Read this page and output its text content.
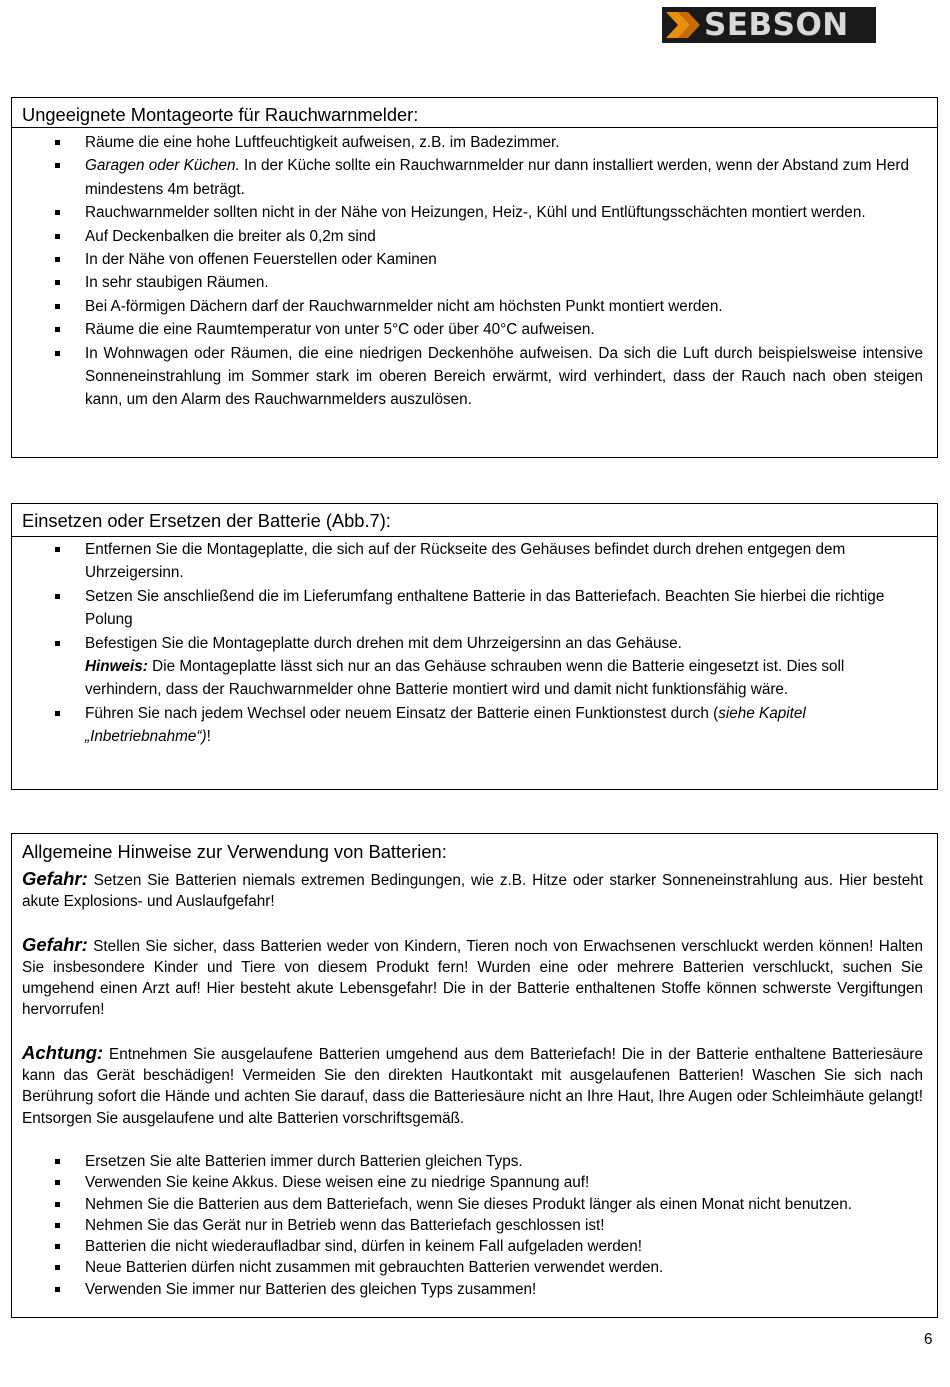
SEBSON
Ungeeignete Montageorte für Rauchwarnmelder:
Räume die eine hohe Luftfeuchtigkeit aufweisen, z.B. im Badezimmer.
Garagen oder Küchen. In der Küche sollte ein Rauchwarnmelder nur dann installiert werden, wenn der Abstand zum Herd mindestens 4m beträgt.
Rauchwarnmelder sollten nicht in der Nähe von Heizungen, Heiz-, Kühl und Entlüftungsschächten montiert werden.
Auf Deckenbalken die breiter als 0,2m sind
In der Nähe von offenen Feuerstellen oder Kaminen
In sehr staubigen Räumen.
Bei A-förmigen Dächern darf der Rauchwarnmelder nicht am höchsten Punkt montiert werden.
Räume die eine Raumtemperatur von unter 5°C oder über 40°C aufweisen.
In Wohnwagen oder Räumen, die eine niedrigen Deckenhöhe aufweisen. Da sich die Luft durch beispielsweise intensive Sonneneinstrahlung im Sommer stark im oberen Bereich erwärmt, wird verhindert, dass der Rauch nach oben steigen kann, um den Alarm des Rauchwarnmelders auszulösen.
Einsetzen oder Ersetzen der Batterie (Abb.7):
Entfernen Sie die Montageplatte, die sich auf der Rückseite des Gehäuses befindet durch drehen entgegen dem Uhrzeigersinn.
Setzen Sie anschließend die im Lieferumfang enthaltene Batterie in das Batteriefach. Beachten Sie hierbei die richtige Polung
Befestigen Sie die Montageplatte durch drehen mit dem Uhrzeigersinn an das Gehäuse.
Hinweis: Die Montageplatte lässt sich nur an das Gehäuse schrauben wenn die Batterie eingesetzt ist. Dies soll verhindern, dass der Rauchwarnmelder ohne Batterie montiert wird und damit nicht funktionsfähig wäre.
Führen Sie nach jedem Wechsel oder neuem Einsatz der Batterie einen Funktionstest durch (siehe Kapitel „Inbetriebnahme“)!
Allgemeine Hinweise zur Verwendung von Batterien:

Gefahr: Setzen Sie Batterien niemals extremen Bedingungen, wie z.B. Hitze oder starker Sonneneinstrahlung aus. Hier besteht akute Explosions- und Auslaufgefahr!

Gefahr: Stellen Sie sicher, dass Batterien weder von Kindern, Tieren noch von Erwachsenen verschluckt werden können! Halten Sie insbesondere Kinder und Tiere von diesem Produkt fern! Wurden eine oder mehrere Batterien verschluckt, suchen Sie umgehend einen Arzt auf! Hier besteht akute Lebensgefahr! Die in der Batterie enthaltenen Stoffe können schwerste Vergiftungen hervorrufen!

Achtung: Entnehmen Sie ausgelaufene Batterien umgehend aus dem Batteriefach! Die in der Batterie enthaltene Batteriesäure kann das Gerät beschädigen! Vermeiden Sie den direkten Hautkontakt mit ausgelaufenen Batterien! Waschen Sie sich nach Berührung sofort die Hände und achten Sie darauf, dass die Batteriesäure nicht an Ihre Haut, Ihre Augen oder Schleimhäute gelangt! Entsorgen Sie ausgelaufene und alte Batterien vorschriftsgemäß.

Ersetzen Sie alte Batterien immer durch Batterien gleichen Typs.
Verwenden Sie keine Akkus. Diese weisen eine zu niedrige Spannung auf!
Nehmen Sie die Batterien aus dem Batteriefach, wenn Sie dieses Produkt länger als einen Monat nicht benutzen.
Nehmen Sie das Gerät nur in Betrieb wenn das Batteriefach geschlossen ist!
Batterien die nicht wiederaufladbar sind, dürfen in keinem Fall aufgeladen werden!
Neue Batterien dürfen nicht zusammen mit gebrauchten Batterien verwendet werden.
Verwenden Sie immer nur Batterien des gleichen Typs zusammen!
6
